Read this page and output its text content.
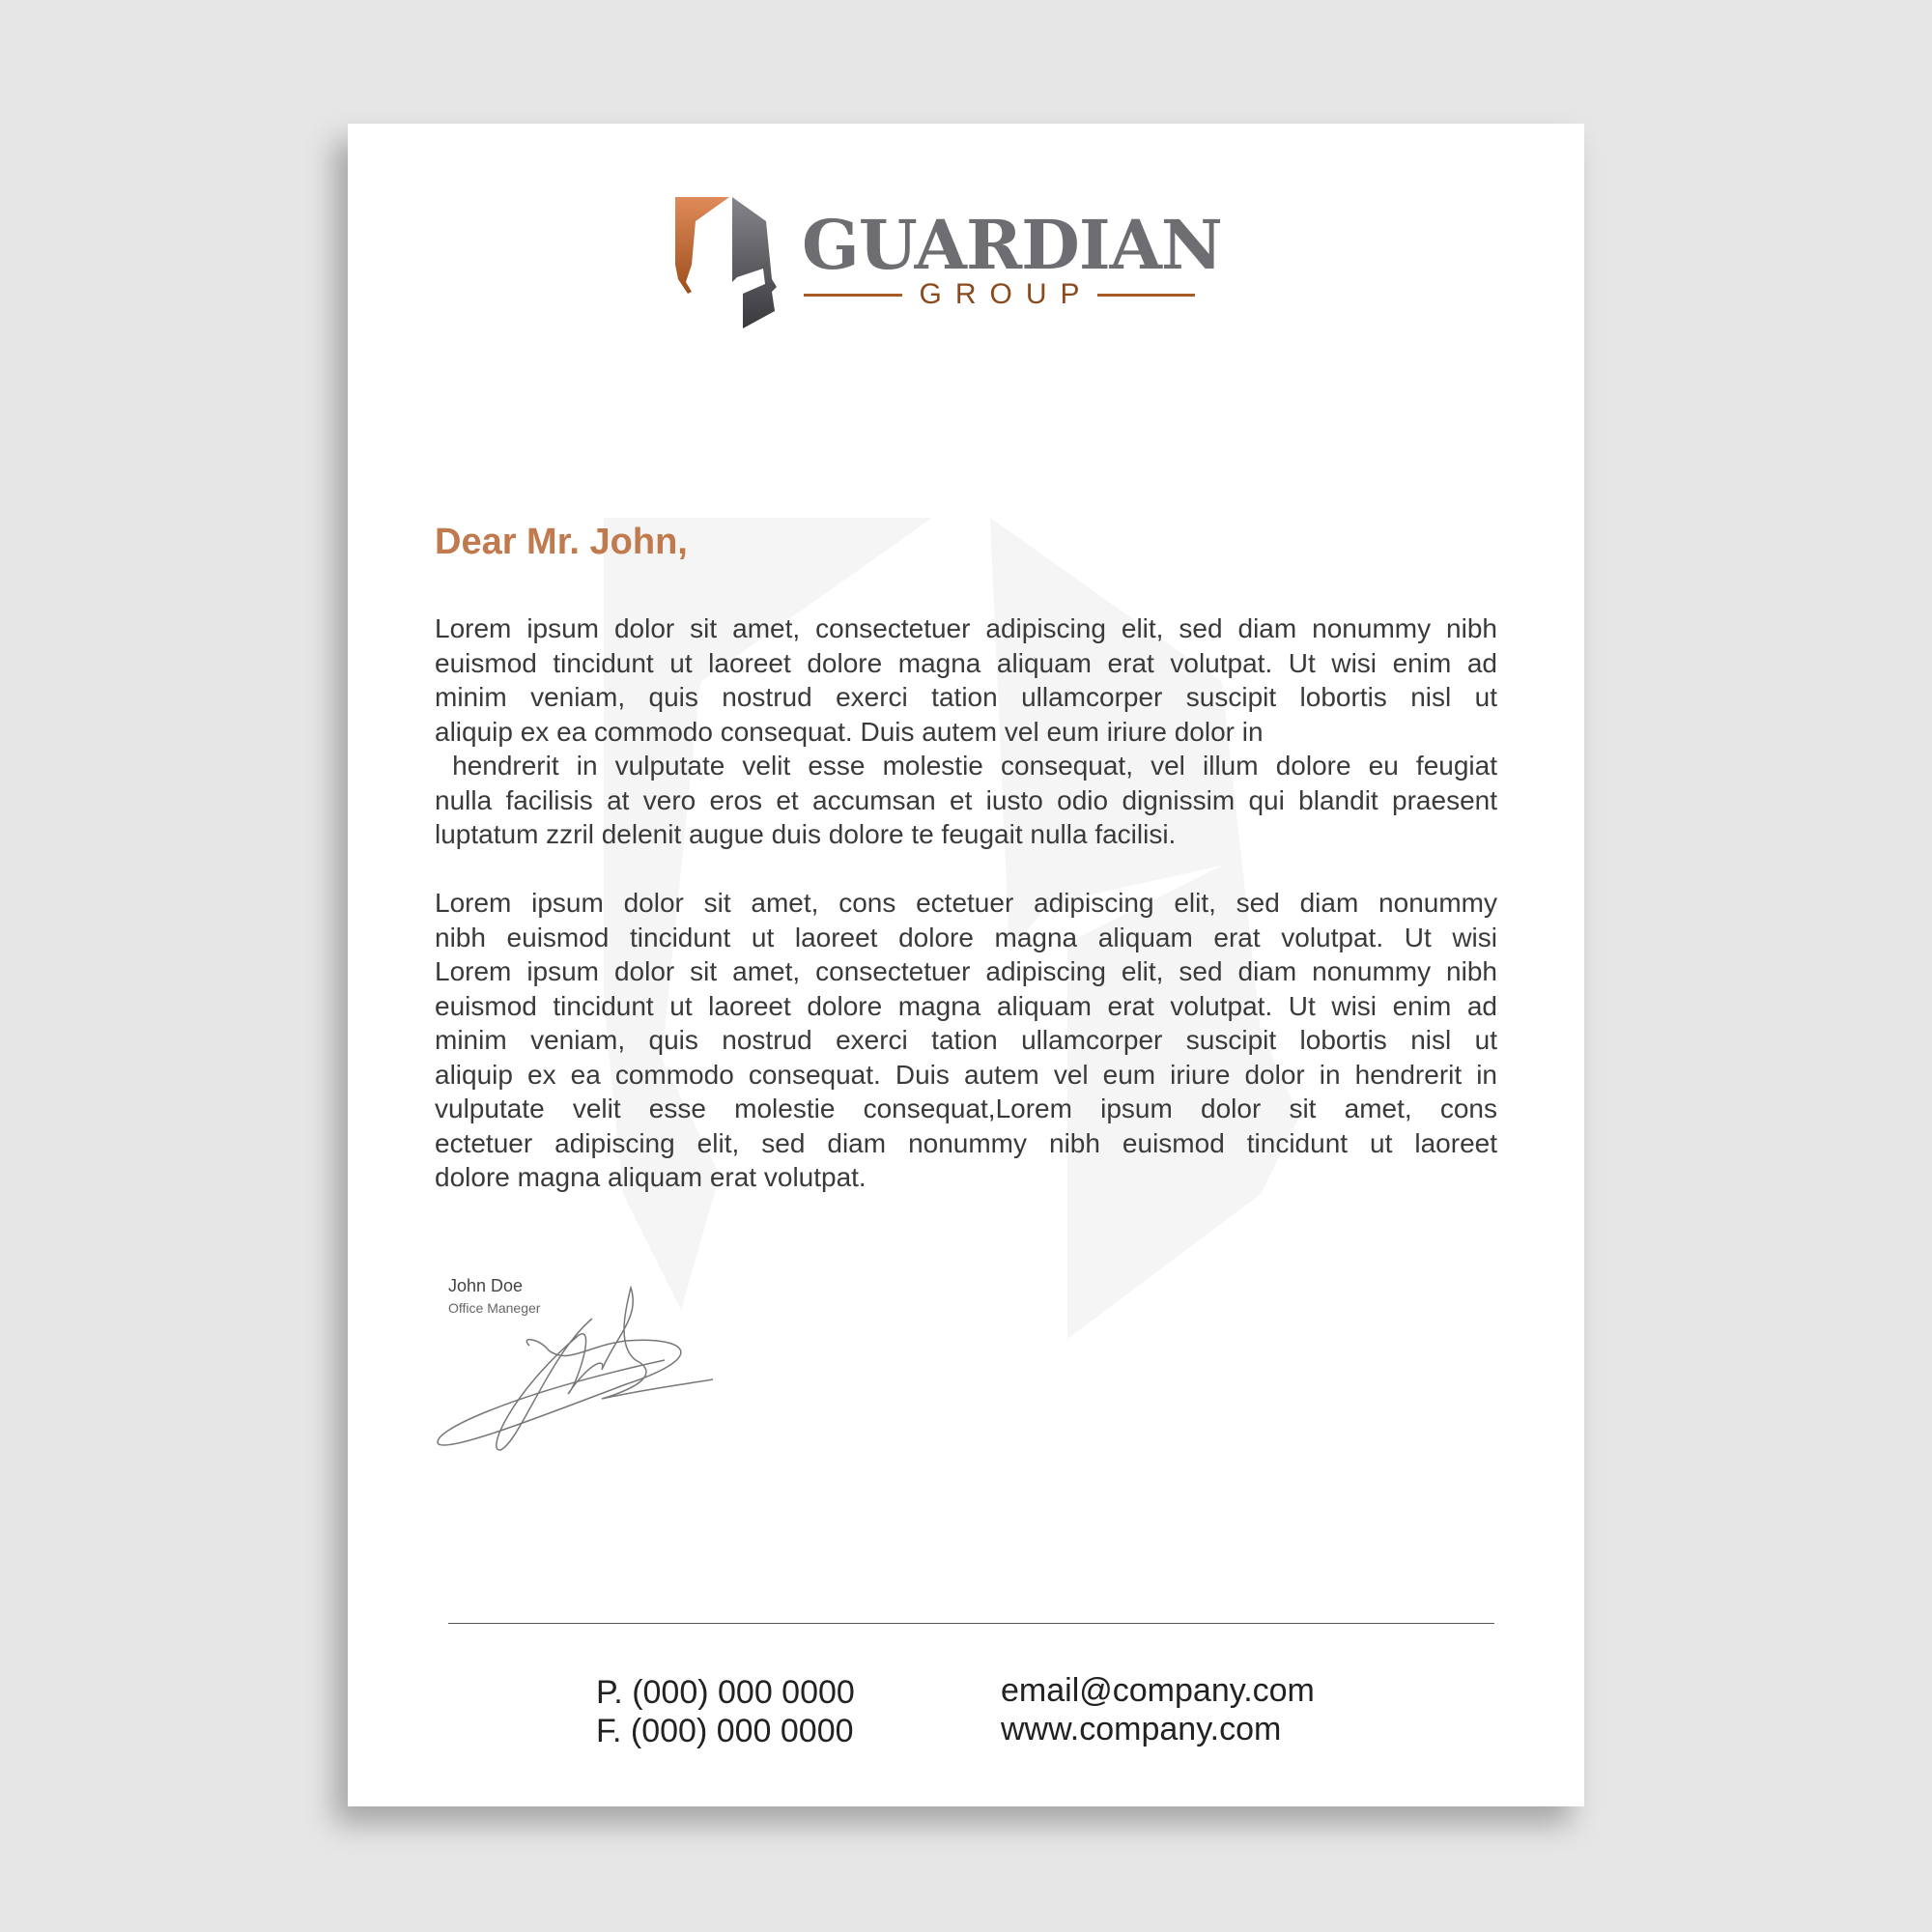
GUARDIAN
GROUP
Dear Mr. John,
Lorem ipsum dolor sit amet, consectetuer adipiscing elit, sed diam nonummy nibh
euismod tincidunt ut laoreet dolore magna aliquam erat volutpat. Ut wisi enim ad
minim veniam, quis nostrud exerci tation ullamcorper suscipit lobortis nisl ut
aliquip ex ea commodo consequat. Duis autem vel eum iriure dolor in
hendrerit in vulputate velit esse molestie consequat, vel illum dolore eu feugiat
nulla facilisis at vero eros et accumsan et iusto odio dignissim qui blandit praesent
luptatum zzril delenit augue duis dolore te feugait nulla facilisi.
Lorem ipsum dolor sit amet, cons ectetuer adipiscing elit, sed diam nonummy
nibh euismod tincidunt ut laoreet dolore magna aliquam erat volutpat. Ut wisi
Lorem ipsum dolor sit amet, consectetuer adipiscing elit, sed diam nonummy nibh
euismod tincidunt ut laoreet dolore magna aliquam erat volutpat. Ut wisi enim ad
minim veniam, quis nostrud exerci tation ullamcorper suscipit lobortis nisl ut
aliquip ex ea commodo consequat. Duis autem vel eum iriure dolor in hendrerit in
vulputate velit esse molestie consequat,Lorem ipsum dolor sit amet, cons
ectetuer adipiscing elit, sed diam nonummy nibh euismod tincidunt ut laoreet
dolore magna aliquam erat volutpat.
John Doe
Office Maneger
P. (000) 000 0000
F. (000) 000 0000
email@company.com
www.company.com
